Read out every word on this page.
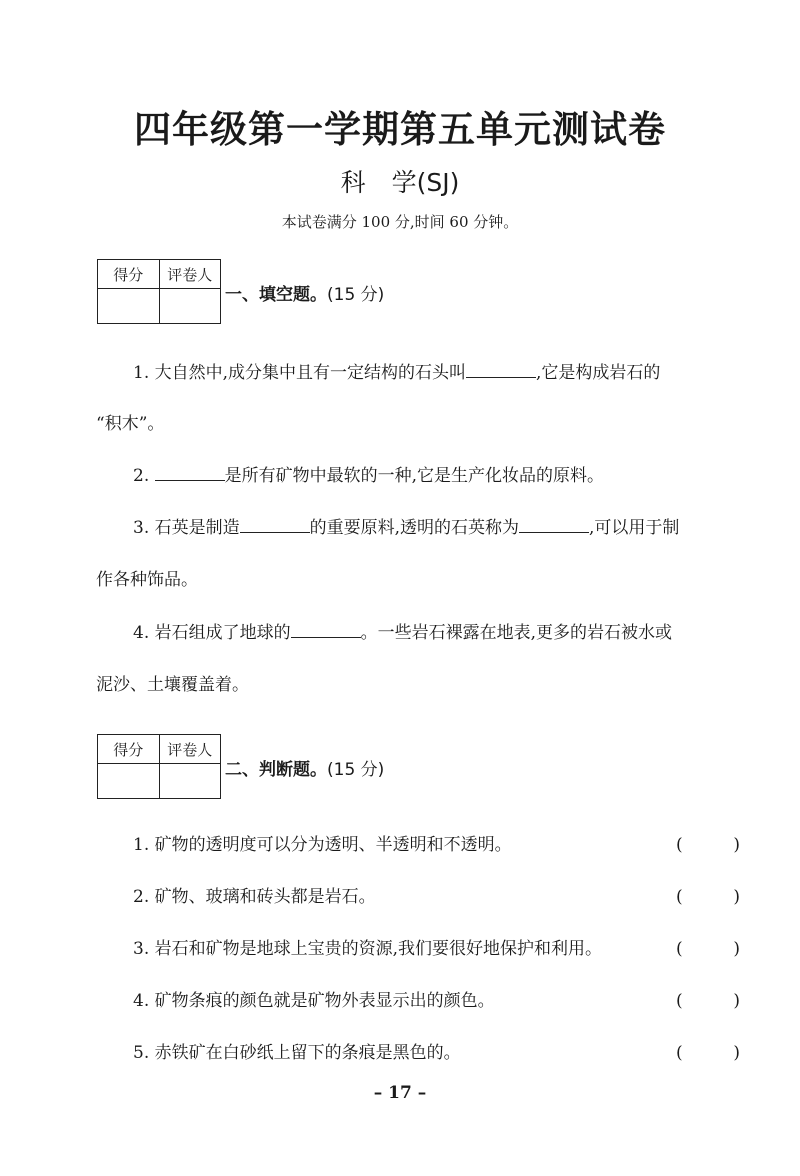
四年级第一学期第五单元测试卷
科 学(SJ)
本试卷满分 100 分,时间 60 分钟。
得分	评卷人

一、填空题。(15 分)
1. 大自然中,成分集中且有一定结构的石头叫	,它是构成岩石的
“积木”。
2.	是所有矿物中最软的一种,它是生产化妆品的原料。
3. 石英是制造	的重要原料,透明的石英称为	,可以用于制
作各种饰品。
4. 岩石组成了地球的	。一些岩石裸露在地表,更多的岩石被水或
泥沙、土壤覆盖着。
得分	评卷人

二、判断题。(15 分)
1. 矿物的透明度可以分为透明、半透明和不透明。	(	)
2. 矿物、玻璃和砖头都是岩石。	(	)
3. 岩石和矿物是地球上宝贵的资源,我们要很好地保护和利用。	(	)
4. 矿物条痕的颜色就是矿物外表显示出的颜色。	(	)
5. 赤铁矿在白砂纸上留下的条痕是黑色的。	(	)
– 17 –
